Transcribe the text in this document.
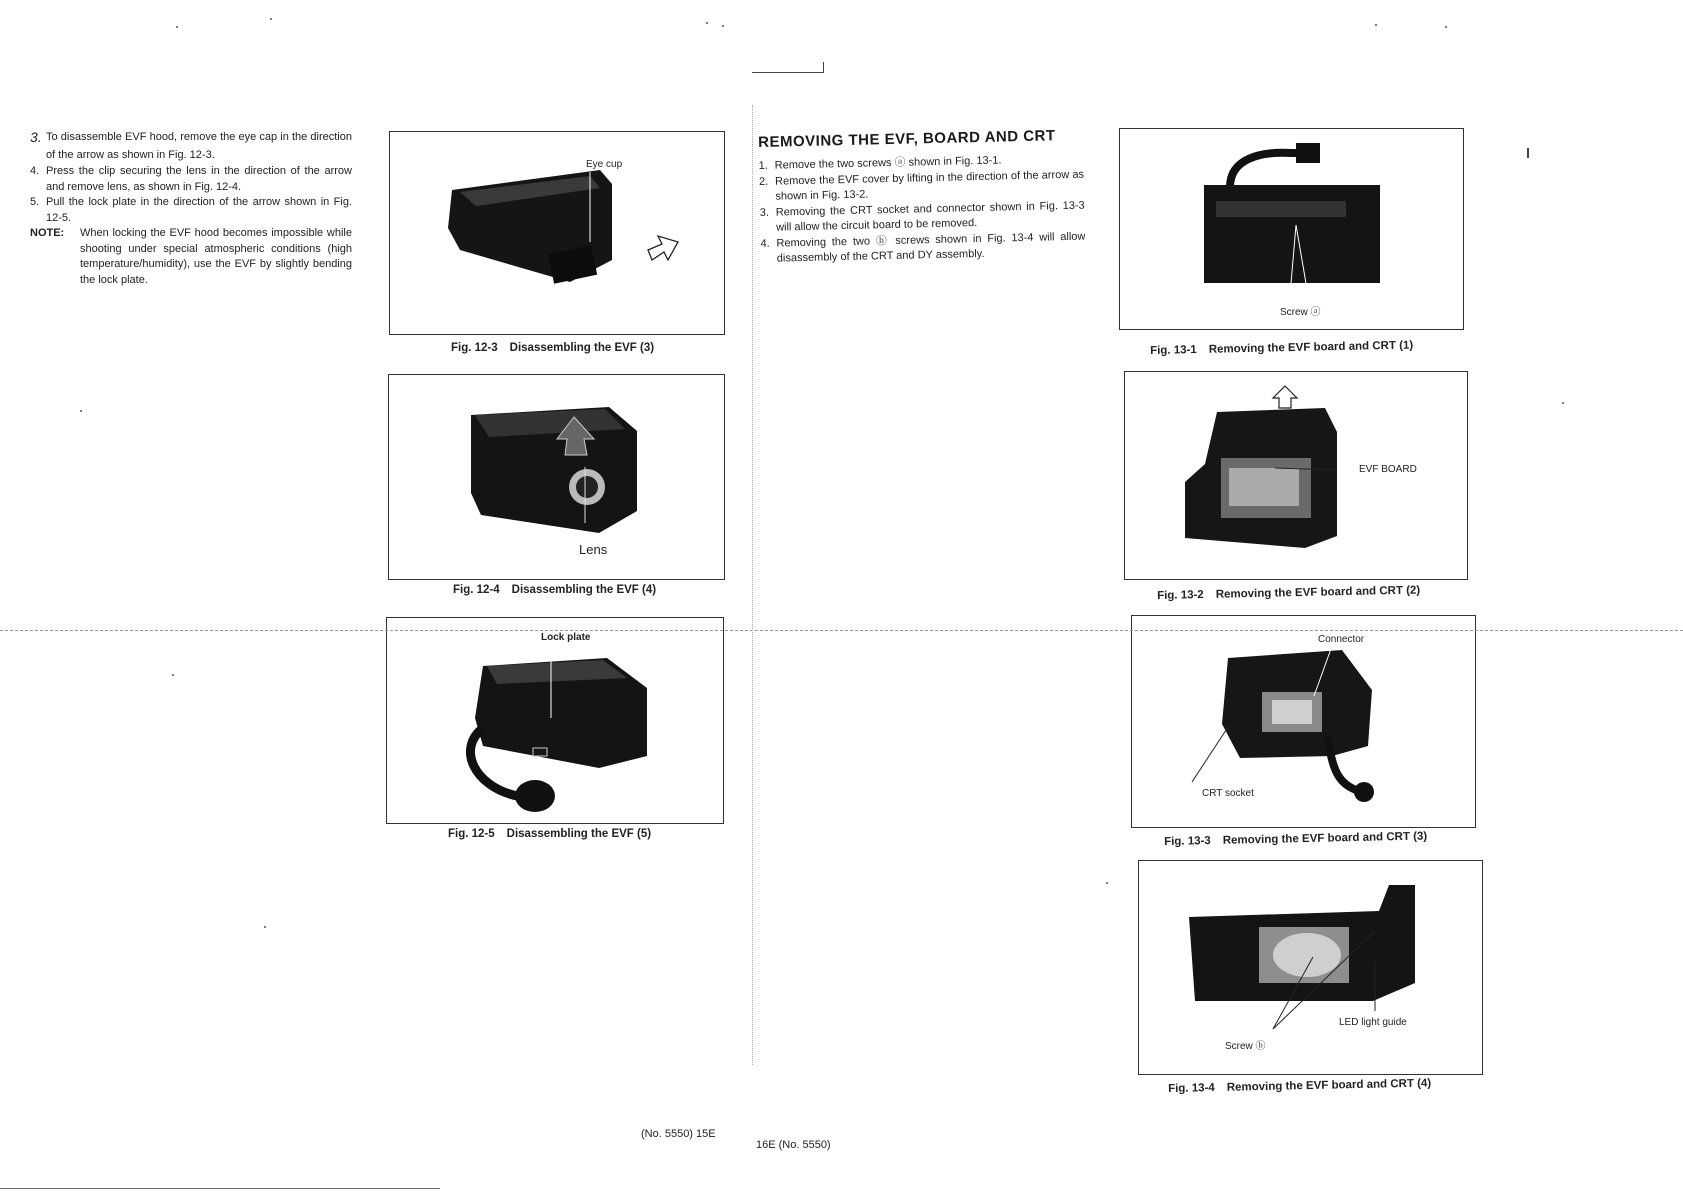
3. To disassemble EVF hood, remove the eye cap in the direction of the arrow as shown in Fig. 12-3.
4. Press the clip securing the lens in the direction of the arrow and remove lens, as shown in Fig. 12-4.
5. Pull the lock plate in the direction of the arrow shown in Fig. 12-5.
NOTE:	When locking the EVF hood becomes impossible while shooting under special atmospheric conditions (high temperature/humidity), use the EVF by slightly bending the lock plate.
Eye cup
Fig. 12-3 Disassembling the EVF (3)
Lens
Fig. 12-4 Disassembling the EVF (4)
Lock plate
Fig. 12-5 Disassembling the EVF (5)
(No. 5550) 15E
REMOVING THE EVF, BOARD AND CRT
1. Remove the two screws ⓐ shown in Fig. 13-1.
2. Remove the EVF cover by lifting in the direction of the arrow as shown in Fig. 13-2.
3. Removing the CRT socket and connector shown in Fig. 13-3 will allow the circuit board to be removed.
4. Removing the two ⓑ screws shown in Fig. 13-4 will allow disassembly of the CRT and DY assembly.
Screw ⓐ
Fig. 13-1 Removing the EVF board and CRT (1)
EVF BOARD
Fig. 13-2 Removing the EVF board and CRT (2)
Connector
CRT socket
Fig. 13-3 Removing the EVF board and CRT (3)
LED light guide
Screw ⓑ
Fig. 13-4 Removing the EVF board and CRT (4)
16E (No. 5550)
